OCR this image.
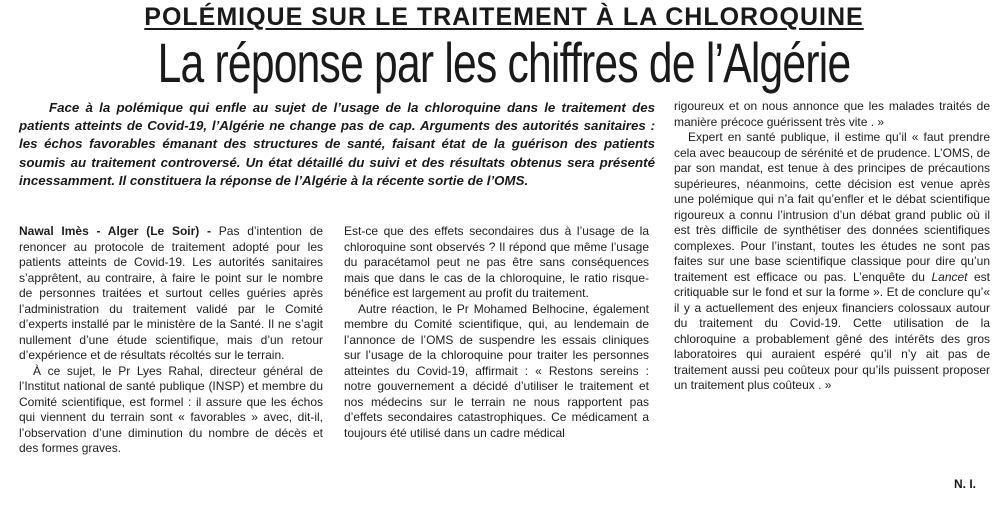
POLÉMIQUE SUR LE TRAITEMENT À LA CHLOROQUINE
La réponse par les chiffres de l’Algérie

Face à la polémique qui enfle au sujet de l’usage de la chloroquine dans le traitement des patients atteints de Covid-19, l’Algérie ne change pas de cap. Arguments des autorités sanitaires : les échos favorables émanant des structures de santé, faisant état de la guérison des patients soumis au traitement controversé. Un état détaillé du suivi et des résultats obtenus sera présenté incessamment. Il constituera la réponse de l’Algérie à la récente sortie de l’OMS.

Nawal Imès - Alger (Le Soir) - Pas d’intention de renoncer au protocole de traitement adopté pour les patients atteints de Covid-19. Les autorités sanitaires s’apprêtent, au contraire, à faire le point sur le nombre de personnes traitées et surtout celles guéries après l’administration du traitement validé par le Comité d’experts installé par le ministère de la Santé. Il ne s’agit nullement d’une étude scientifique, mais d’un retour d’expérience et de résultats récoltés sur le terrain.

À ce sujet, le Pr Lyes Rahal, directeur général de l’Institut national de santé publique (INSP) et membre du Comité scientifique, est formel : il assure que les échos qui viennent du terrain sont « favorables » avec, dit-il, l’observation d’une diminution du nombre de décès et des formes graves.

Est-ce que des effets secondaires dus à l’usage de la chloroquine sont observés ? Il répond que même l’usage du paracétamol peut ne pas être sans conséquences mais que dans le cas de la chloroquine, le ratio risque-bénéfice est largement au profit du traitement.

Autre réaction, le Pr Mohamed Belhocine, également membre du Comité scientifique, qui, au lendemain de l’annonce de l’OMS de suspendre les essais cliniques sur l’usage de la chloroquine pour traiter les personnes atteintes du Covid-19, affirmait : « Restons sereins : notre gouvernement a décidé d’utiliser le traitement et nos médecins sur le terrain ne nous rapportent pas d’effets secondaires catastrophiques. Ce médicament a toujours été utilisé dans un cadre médical

rigoureux et on nous annonce que les malades traités de manière précoce guérissent très vite . »

Expert en santé publique, il estime qu’il « faut prendre cela avec beaucoup de sérénité et de prudence. L’OMS, de par son mandat, est tenue à des principes de précautions supérieures, néanmoins, cette décision est venue après une polémique qui n’a fait qu’enfler et le débat scientifique rigoureux a connu l’intrusion d’un débat grand public où il est très difficile de synthétiser des données scientifiques complexes. Pour l’instant, toutes les études ne sont pas faites sur une base scientifique classique pour dire qu’un traitement est efficace ou pas. L’enquête du Lancet est critiquable sur le fond et sur la forme ». Et de conclure qu’« il y a actuellement des enjeux financiers colossaux autour du traitement du Covid-19. Cette utilisation de la chloroquine a probablement gêné des intérêts des gros laboratoires qui auraient espéré qu’il n’y ait pas de traitement aussi peu coûteux pour qu’ils puissent proposer un traitement plus coûteux . »

N. I.
